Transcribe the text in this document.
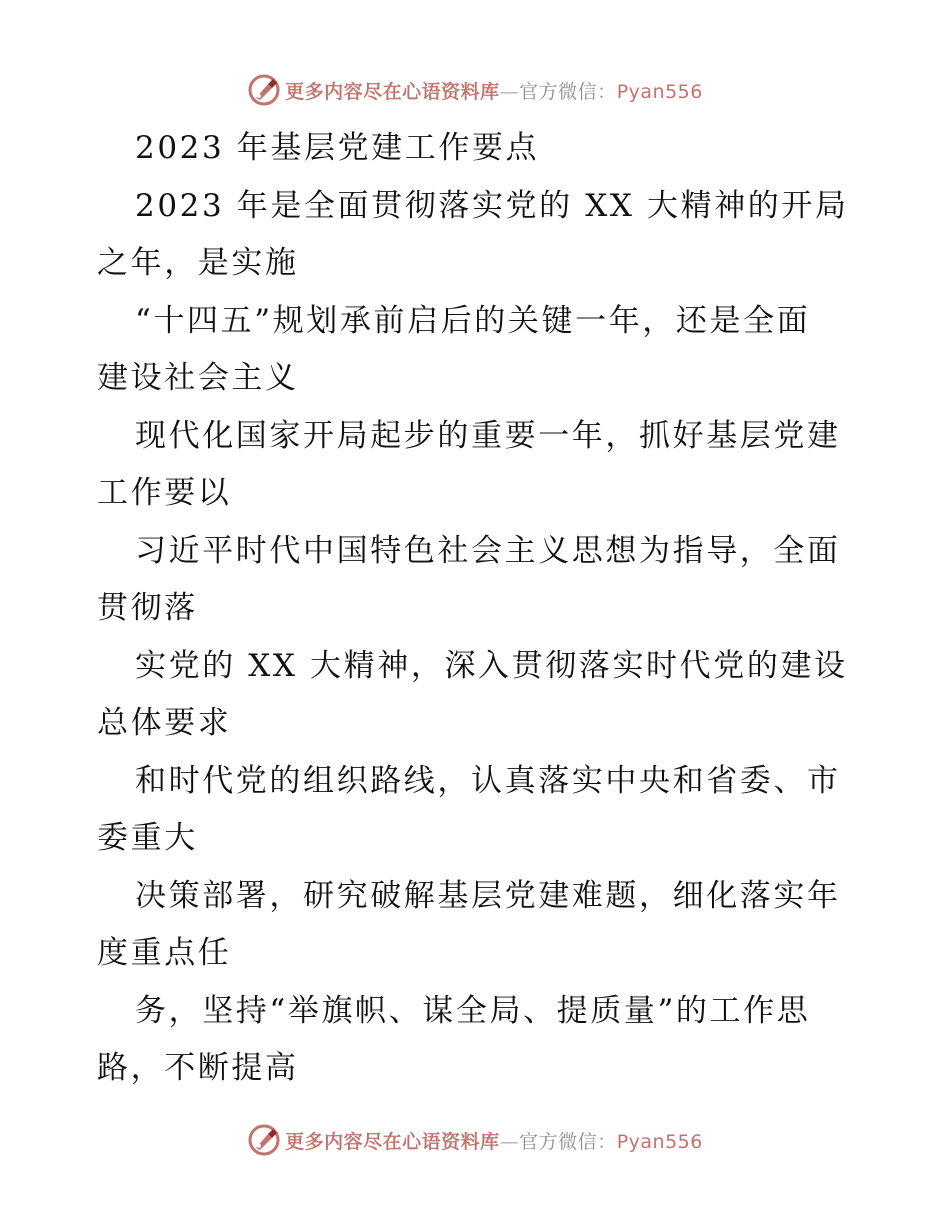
更多内容尽在心语资料库—官方微信：Pyan556
2023 年基层党建工作要点
2023 年是全面贯彻落实党的 XX 大精神的开局
之年，是实施
“十四五”规划承前启后的关键一年，还是全面
建设社会主义
现代化国家开局起步的重要一年，抓好基层党建
工作要以
习近平时代中国特色社会主义思想为指导，全面
贯彻落
实党的 XX 大精神，深入贯彻落实时代党的建设
总体要求
和时代党的组织路线，认真落实中央和省委、市
委重大
决策部署，研究破解基层党建难题，细化落实年
度重点任
务，坚持“举旗帜、谋全局、提质量”的工作思
路，不断提高
更多内容尽在心语资料库—官方微信：Pyan556
